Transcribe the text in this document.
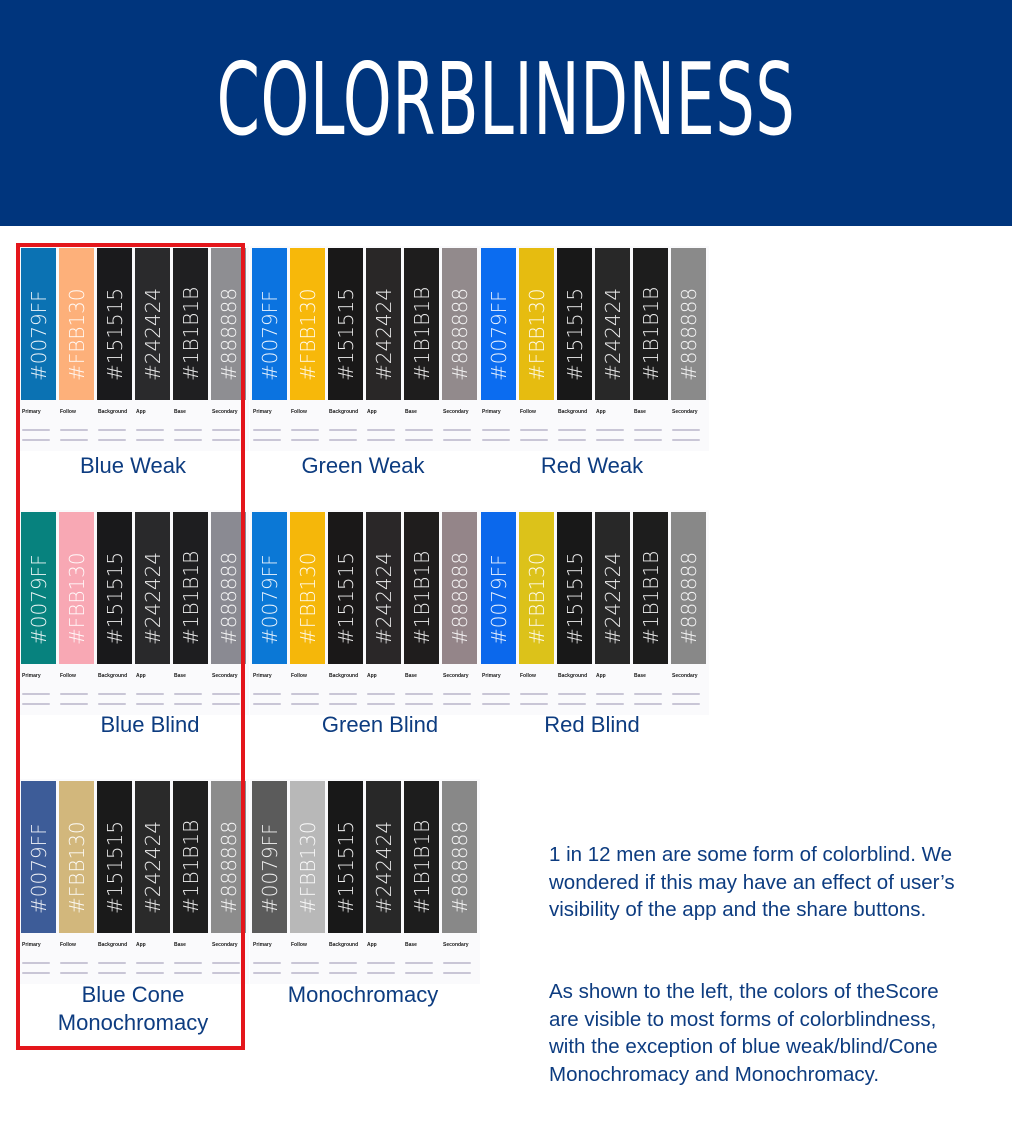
COLORBLINDNESS
#0079FF
Primary
#FBB130
Follow
#151515
Background
#242424
App
#1B1B1B
Base
#888888
Secondary
Blue Weak
#0079FF
Primary
#FBB130
Follow
#151515
Background
#242424
App
#1B1B1B
Base
#888888
Secondary
Green Weak
#0079FF
Primary
#FBB130
Follow
#151515
Background
#242424
App
#1B1B1B
Base
#888888
Secondary
Red Weak
#0079FF
Primary
#FBB130
Follow
#151515
Background
#242424
App
#1B1B1B
Base
#888888
Secondary
Blue Blind
#0079FF
Primary
#FBB130
Follow
#151515
Background
#242424
App
#1B1B1B
Base
#888888
Secondary
Green Blind
#0079FF
Primary
#FBB130
Follow
#151515
Background
#242424
App
#1B1B1B
Base
#888888
Secondary
Red Blind
#0079FF
Primary
#FBB130
Follow
#151515
Background
#242424
App
#1B1B1B
Base
#888888
Secondary
Blue Cone
Monochromacy
#0079FF
Primary
#FBB130
Follow
#151515
Background
#242424
App
#1B1B1B
Base
#888888
Secondary
Monochromacy
1 in 12 men are some form of colorblind. We wondered if this may have an effect of user’s visibility of the app and the share buttons.
As shown to the left, the colors of theScore are visible to most forms of colorblindness, with the exception of blue weak/blind/Cone Monochromacy and Monochromacy.
